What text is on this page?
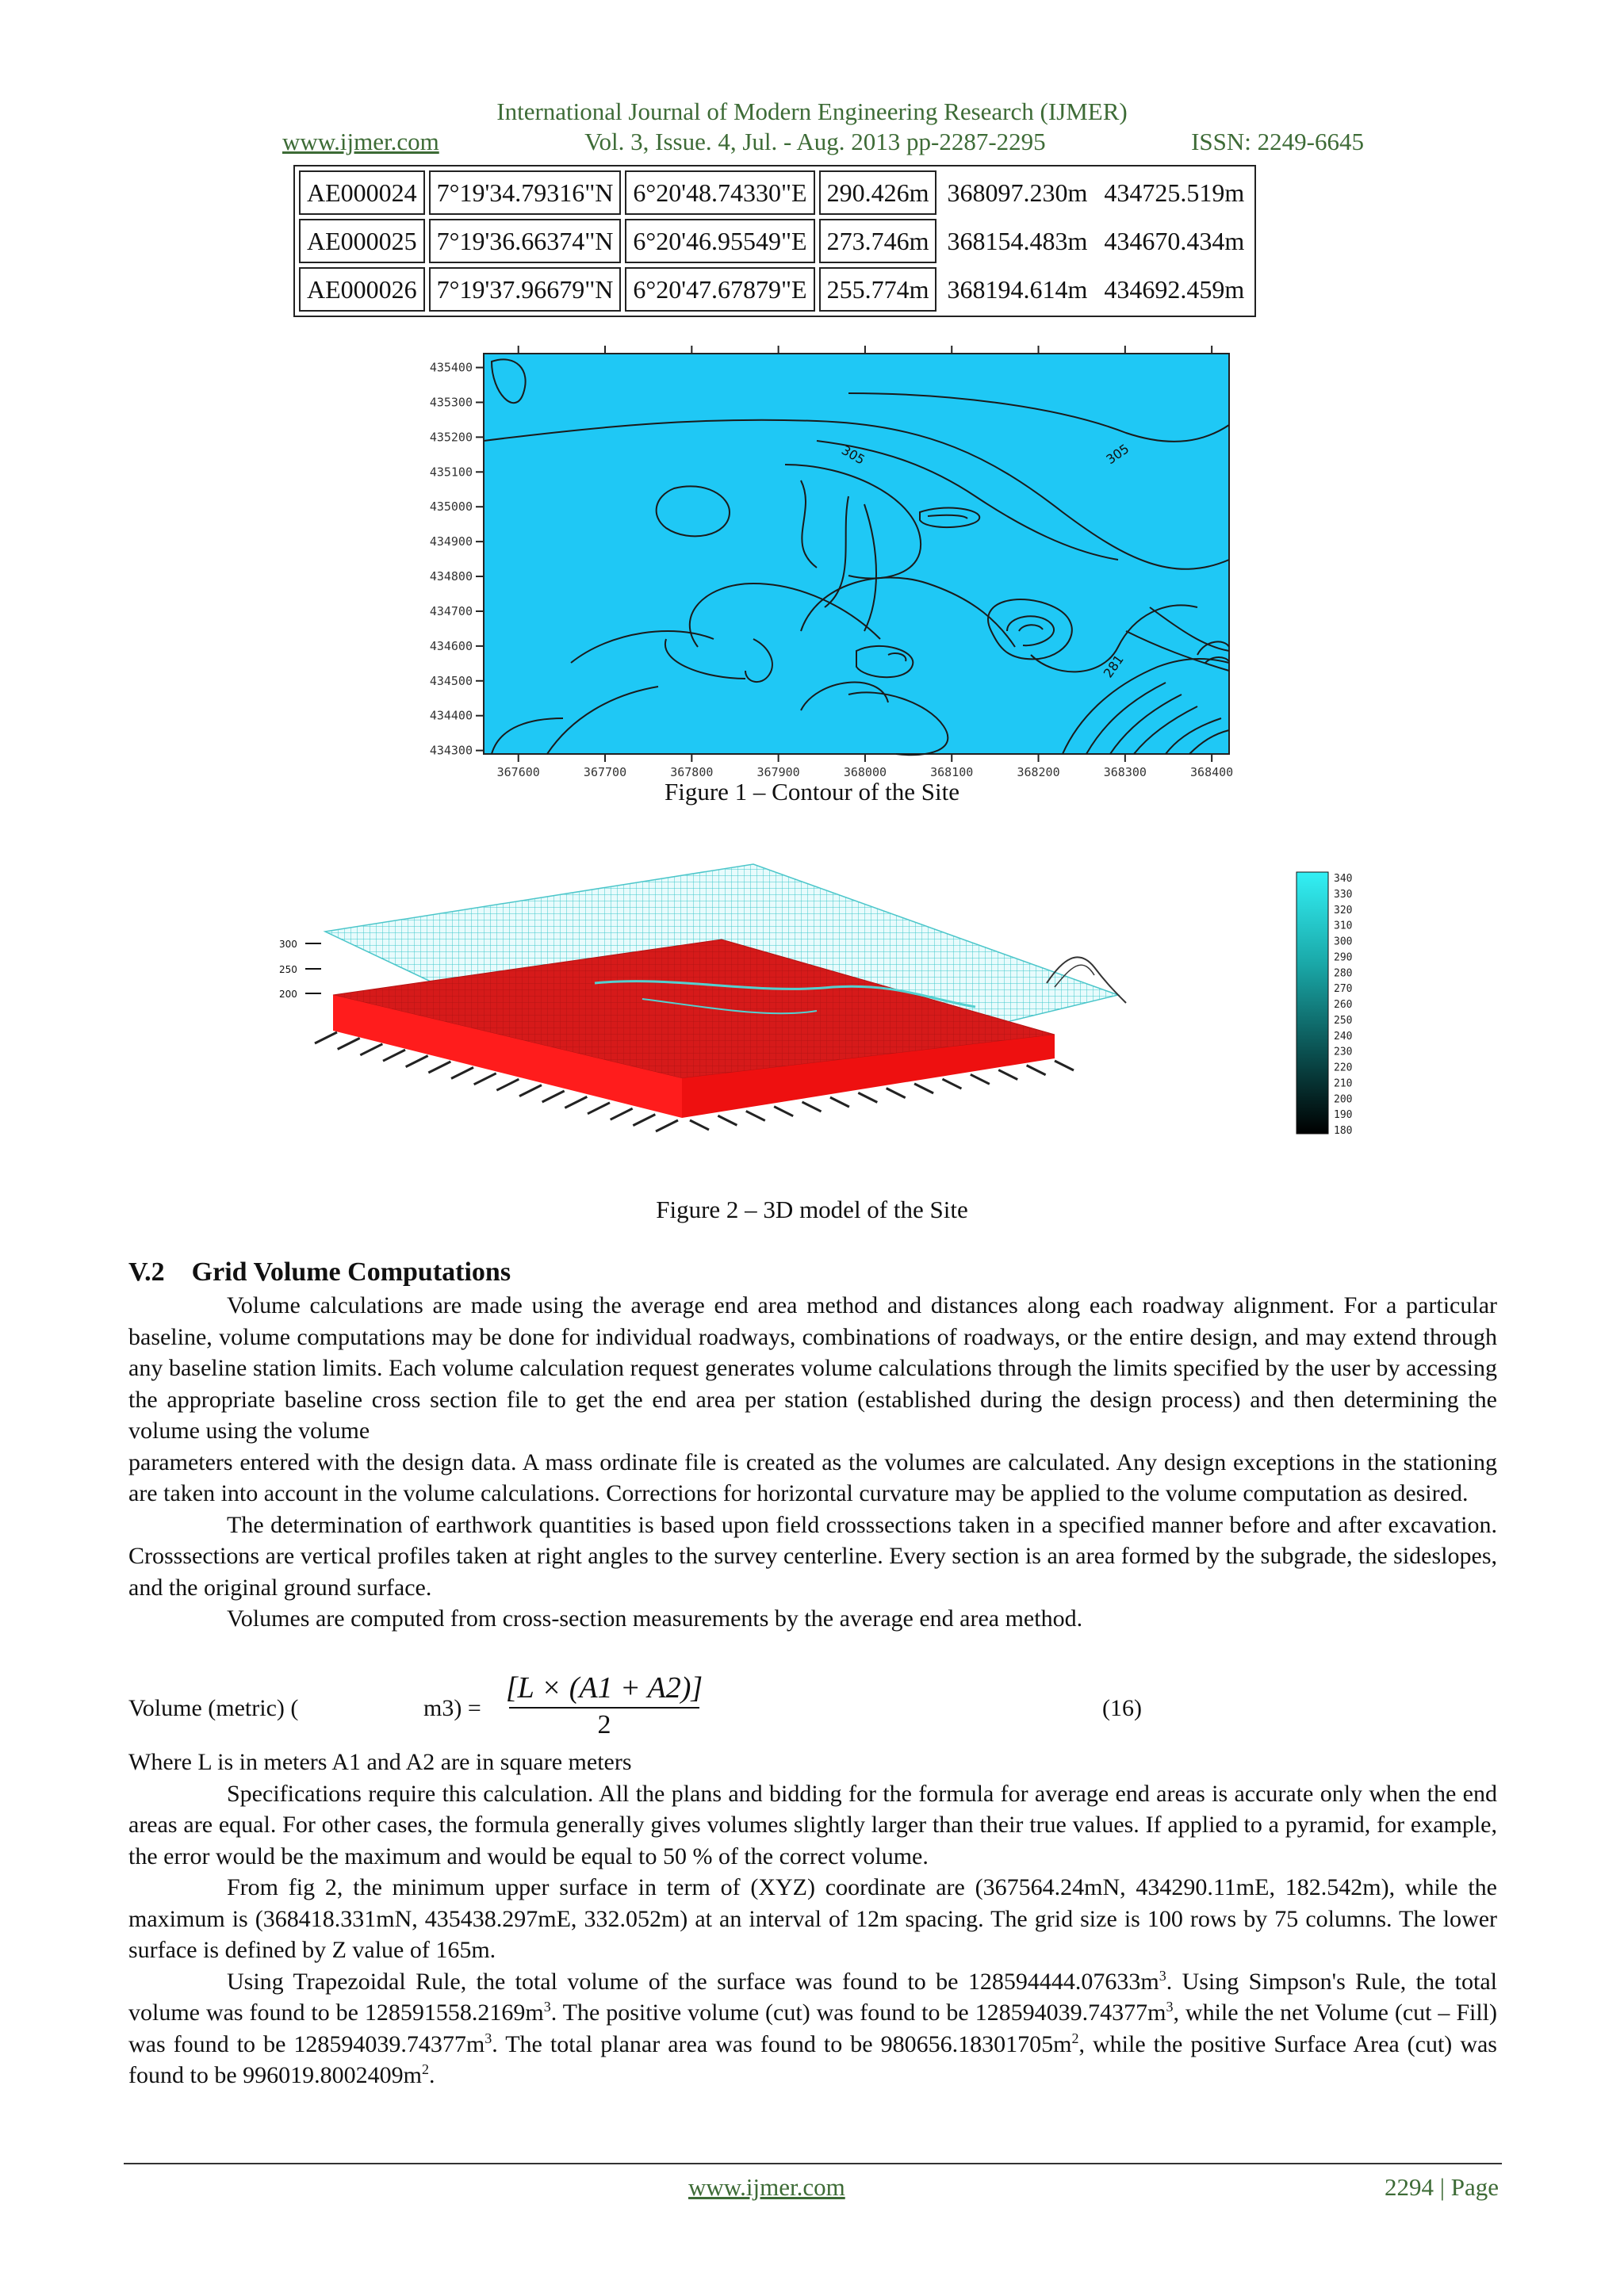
International Journal of Modern Engineering Research (IJMER)
www.ijmer.com	Vol. 3, Issue. 4, Jul. - Aug. 2013 pp-2287-2295	ISSN: 2249-6645
AE000024	7°19'34.79316"N	6°20'48.74330"E	290.426m	368097.230m	434725.519m
AE000025	7°19'36.66374"N	6°20'46.95549"E	273.746m	368154.483m	434670.434m
AE000026	7°19'37.96679"N	6°20'47.67879"E	255.774m	368194.614m	434692.459m
434300
434400
434500
434600
434700
434800
434900
435000
435100
435200
435300
435400
367600	367700	367800	367900	368000	368100	368200	368300	368400
305	305
281
Figure 1 – Contour of the Site
300
250
200
340
330
320
310
300
290
280
270
260
250
240
230
220
210
200
190
180
Figure 2 – 3D model of the Site
V.2    Grid Volume Computations
Volume calculations are made using the average end area method and distances along each roadway alignment. For a particular baseline, volume computations may be done for individual roadways, combinations of roadways, or the entire design, and may extend through any baseline station limits. Each volume calculation request generates volume calculations through the limits specified by the user by accessing the appropriate baseline cross section file to get the end area per station (established during the design process) and then determining the volume using the volume
parameters entered with the design data. A mass ordinate file is created as the volumes are calculated. Any design exceptions in the stationing are taken into account in the volume calculations. Corrections for horizontal curvature may be applied to the volume computation as desired.
The determination of earthwork quantities is based upon field crosssections taken in a specified manner before and after excavation. Crosssections are vertical profiles taken at right angles to the survey centerline. Every section is an area formed by the subgrade, the sideslopes, and the original ground surface.
Volumes are computed from cross-section measurements by the average end area method.
Volume (metric) (	m3) =
[L × (A1 + A2)]
2
(16)
Where L is in meters A1 and A2 are in square meters
Specifications require this calculation. All the plans and bidding for the formula for average end areas is accurate only when the end areas are equal. For other cases, the formula generally gives volumes slightly larger than their true values. If applied to a pyramid, for example, the error would be the maximum and would be equal to 50 % of the correct volume.
From fig 2, the minimum upper surface in term of (XYZ) coordinate are (367564.24mN, 434290.11mE, 182.542m), while the maximum is (368418.331mN, 435438.297mE, 332.052m) at an interval of 12m spacing. The grid size is 100 rows by 75 columns. The lower surface is defined by Z value of 165m.
Using Trapezoidal Rule, the total volume of the surface was found to be $128594444.07633m^3$. Using Simpson's Rule, the total volume was found to be $128591558.2169m^3$. The positive volume (cut) was found to be $128594039.74377m^3$, while the net Volume (cut – Fill) was found to be $128594039.74377m^3$. The total planar area was found to be $980656.18301705m^2$, while the positive Surface Area (cut) was found to be $996019.8002409m^2$.
www.ijmer.com	2294 | Page
